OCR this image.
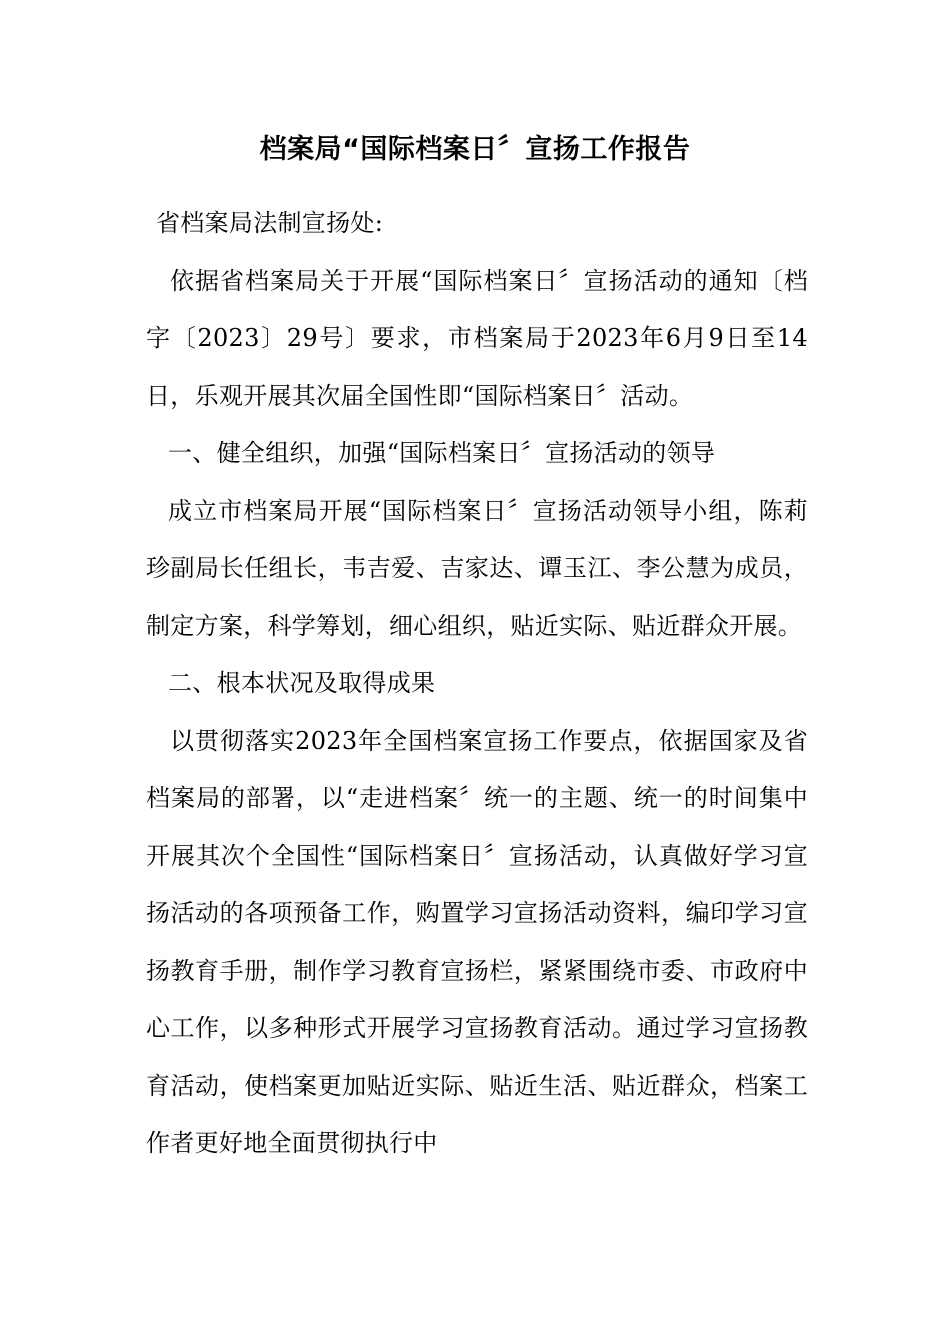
档案局“国际档案日〞宣扬工作报告

省档案局法制宣扬处:

依据省档案局关于开展“国际档案日〞宣扬活动的通知〔档字〔2023〕29号〕要求，市档案局于2023年6月9日至14日，乐观开展其次届全国性即“国际档案日〞活动。

一、健全组织，加强“国际档案日〞宣扬活动的领导

成立市档案局开展“国际档案日〞宣扬活动领导小组，陈莉珍副局长任组长，韦吉爱、吉家达、谭玉江、李公慧为成员，制定方案，科学筹划，细心组织，贴近实际、贴近群众开展。

二、根本状况及取得成果

以贯彻落实2023年全国档案宣扬工作要点，依据国家及省档案局的部署，以“走进档案〞统一的主题、统一的时间集中开展其次个全国性“国际档案日〞宣扬活动，认真做好学习宣扬活动的各项预备工作，购置学习宣扬活动资料，编印学习宣扬教育手册，制作学习教育宣扬栏，紧紧围绕市委、市政府中心工作，以多种形式开展学习宣扬教育活动。通过学习宣扬教育活动，使档案更加贴近实际、贴近生活、贴近群众，档案工作者更好地全面贯彻执行中
